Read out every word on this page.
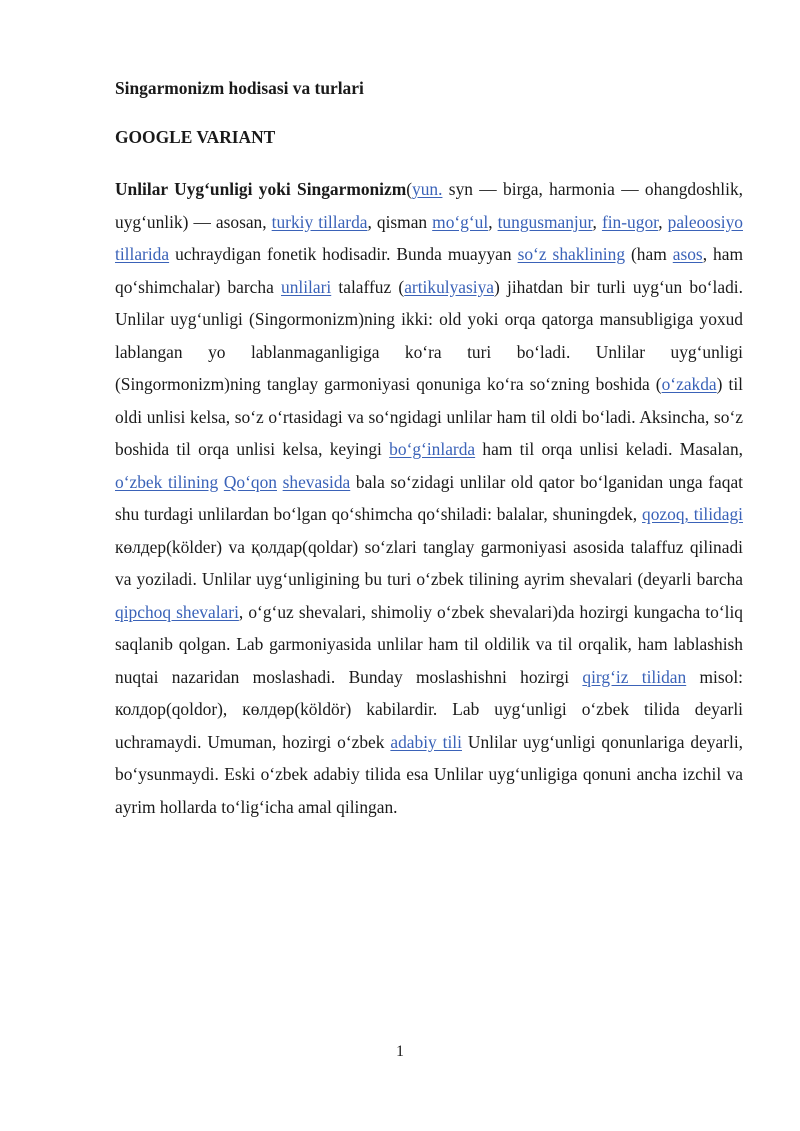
Singarmonizm hodisasi va turlari

GOOGLE VARIANT

Unlilar Uyg‘unligi yoki Singarmonizm(yun. syn — birga, harmonia — ohangdoshlik, uyg‘unlik) — asosan, turkiy tillarda, qisman mo‘g‘ul, tungusmanjur, fin-ugor, paleoosiyo tillarida uchraydigan fonetik hodisadir. Bunda muayyan so‘z shaklining (ham asos, ham qo‘shimchalar) barcha unlilari talaffuz (artikulyasiya) jihatdan bir turli uyg‘un bo‘ladi. Unlilar uyg‘unligi (Singormonizm)ning ikki: old yoki orqa qatorga mansubligiga yoxud lablangan yo lablanmaganligiga ko‘ra turi bo‘ladi. Unlilar uyg‘unligi (Singormonizm)ning tanglay garmoniyasi qonuniga ko‘ra so‘zning boshida (o‘zakda) til oldi unlisi kelsa, so‘z o‘rtasidagi va so‘ngidagi unlilar ham til oldi bo‘ladi. Aksincha, so‘z boshida til orqa unlisi kelsa, keyingi bo‘g‘inlarda ham til orqa unlisi keladi. Masalan, o‘zbek tilining Qo‘qon shevasida bala so‘zidagi unlilar old qator bo‘lganidan unga faqat shu turdagi unlilardan bo‘lgan qo‘shimcha qo‘shiladi: balalar, shuningdek, qozoq, tilidagi көлдер(kölder) va қолдар(qoldar) so‘zlari tanglay garmoniyasi asosida talaffuz qilinadi va yoziladi. Unlilar uyg‘unligining bu turi o‘zbek tilining ayrim shevalari (deyarli barcha qipchoq shevalari, o‘g‘uz shevalari, shimoliy o‘zbek shevalari)da hozirgi kungacha to‘liq saqlanib qolgan. Lab garmoniyasida unlilar ham til oldilik va til orqalik, ham lablashish nuqtai nazaridan moslashadi. Bunday moslashishni hozirgi qirg‘iz tilidan misol: колдор(qoldor), көлдөр(köldör) kabilardir. Lab uyg‘unligi o‘zbek tilida deyarli uchramaydi. Umuman, hozirgi o‘zbek adabiy tili Unlilar uyg‘unligi qonunlariga deyarli, bo‘ysunmaydi. Eski o‘zbek adabiy tilida esa Unlilar uyg‘unligiga qonuni ancha izchil va ayrim hollarda to‘lig‘icha amal qilingan.

1
